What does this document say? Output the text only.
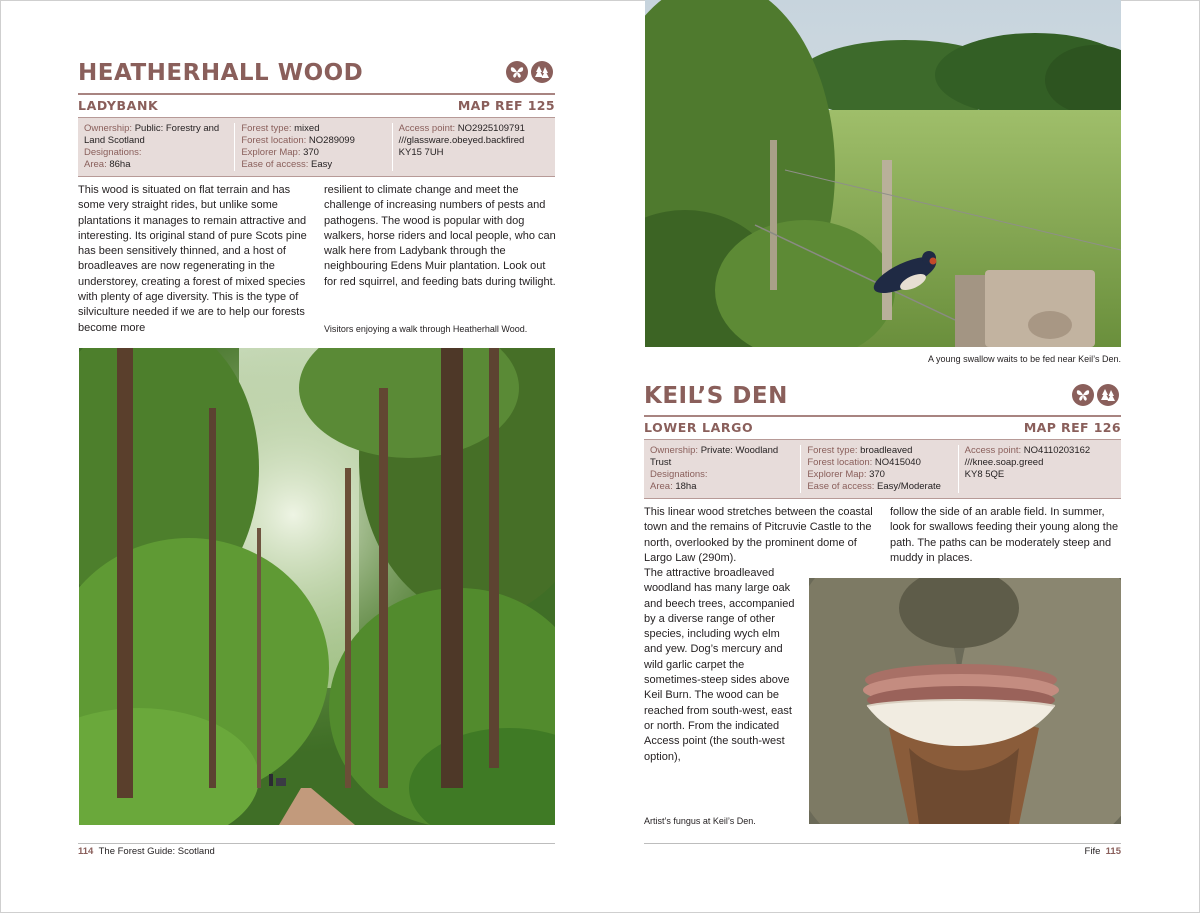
HEATHERHALL WOOD
LADYBANK	MAP REF 125
Ownership: Public: Forestry and Land Scotland
Designations:
Area: 86ha
Forest type: mixed
Forest location: NO289099
Explorer Map: 370
Ease of access: Easy
Access point: NO2925109791
///glassware.obeyed.backfired
KY15 7UH
This wood is situated on flat terrain and has some very straight rides, but unlike some plantations it manages to remain attractive and interesting. Its original stand of pure Scots pine has been sensitively thinned, and a host of broadleaves are now regenerating in the understorey, creating a forest of mixed species with plenty of age diversity. This is the type of silviculture needed if we are to help our forests become more
resilient to climate change and meet the challenge of increasing numbers of pests and pathogens. The wood is popular with dog walkers, horse riders and local people, who can walk here from Ladybank through the neighbouring Edens Muir plantation. Look out for red squirrel, and feeding bats during twilight.
Visitors enjoying a walk through Heatherhall Wood.
114 The Forest Guide: Scotland
A young swallow waits to be fed near Keil’s Den.
KEIL’S DEN
LOWER LARGO	MAP REF 126
Ownership: Private: Woodland Trust
Designations:
Area: 18ha
Forest type: broadleaved
Forest location: NO415040
Explorer Map: 370
Ease of access: Easy/Moderate
Access point: NO4110203162
///knee.soap.greed
KY8 5QE
This linear wood stretches between the coastal town and the remains of Pitcruvie Castle to the north, overlooked by the prominent dome of Largo Law (290m).
The attractive broadleaved woodland has many large oak and beech trees, accompanied by a diverse range of other species, including wych elm and yew. Dog’s mercury and wild garlic carpet the sometimes-steep sides above Keil Burn. The wood can be reached from south-west, east or north. From the indicated Access point (the south-west option),
follow the side of an arable field. In summer, look for swallows feeding their young along the path. The paths can be moderately steep and muddy in places.
Artist’s fungus at Keil’s Den.
Fife 115
